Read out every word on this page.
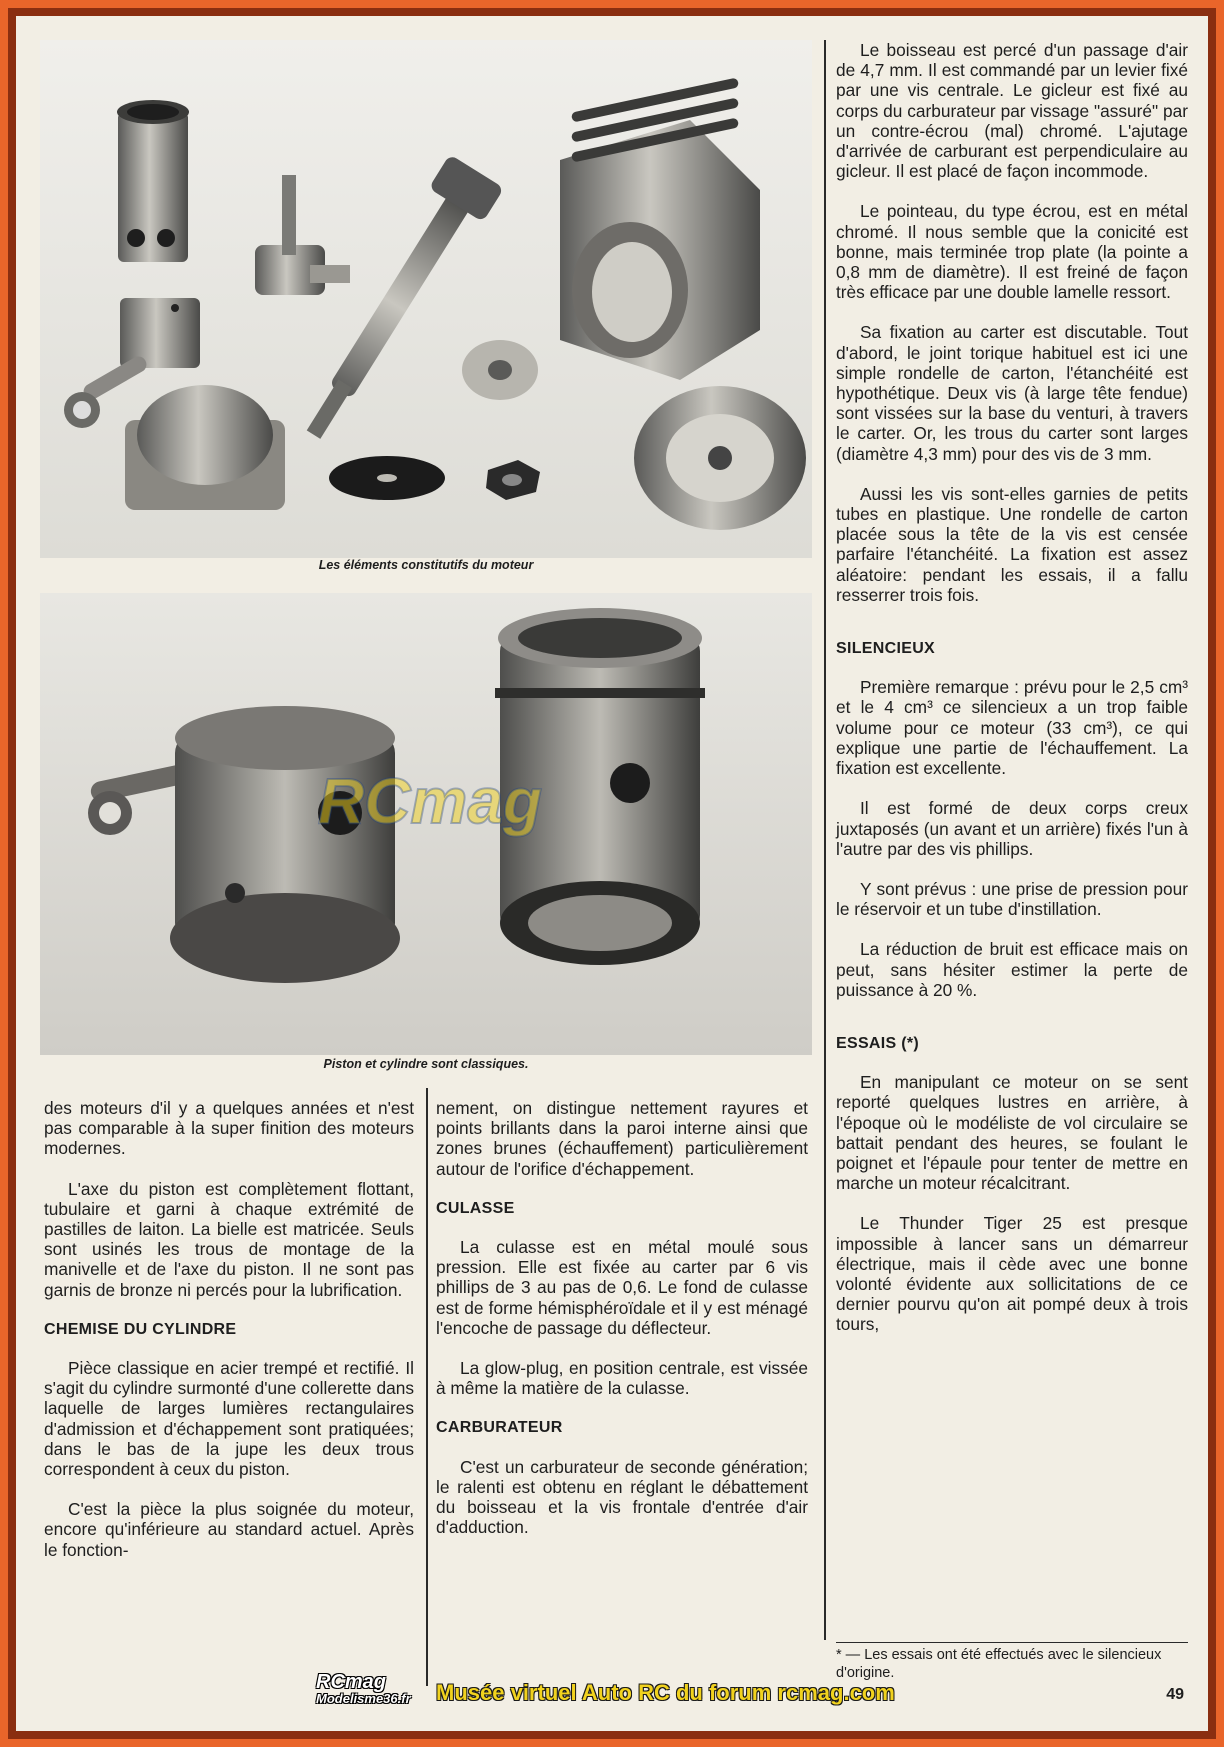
Les éléments constitutifs du moteur
RCmag
Piston et cylindre sont classiques.

des moteurs d'il y a quelques années et n'est pas comparable à la super finition des moteurs modernes.

L'axe du piston est complètement flottant, tubulaire et garni à chaque extrémité de pastilles de laiton. La bielle est matricée. Seuls sont usinés les trous de montage de la manivelle et de l'axe du piston. Il ne sont pas garnis de bronze ni percés pour la lubrification.

CHEMISE DU CYLINDRE

Pièce classique en acier trempé et rectifié. Il s'agit du cylindre surmonté d'une collerette dans laquelle de larges lumières rectangulaires d'admission et d'échappement sont pratiquées; dans le bas de la jupe les deux trous correspondent à ceux du piston.

C'est la pièce la plus soignée du moteur, encore qu'inférieure au standard actuel. Après le fonction-

nement, on distingue nettement rayures et points brillants dans la paroi interne ainsi que zones brunes (échauffement) particulièrement autour de l'orifice d'échappement.

CULASSE

La culasse est en métal moulé sous pression. Elle est fixée au carter par 6 vis phillips de 3 au pas de 0,6. Le fond de culasse est de forme hémisphéroïdale et il y est ménagé l'encoche de passage du déflecteur.

La glow-plug, en position centrale, est vissée à même la matière de la culasse.

CARBURATEUR

C'est un carburateur de seconde génération; le ralenti est obtenu en réglant le débattement du boisseau et la vis frontale d'entrée d'air d'adduction.

Le boisseau est percé d'un passage d'air de 4,7 mm. Il est commandé par un levier fixé par une vis centrale. Le gicleur est fixé au corps du carburateur par vissage "assuré" par un contre-écrou (mal) chromé. L'ajutage d'arrivée de carburant est perpendiculaire au gicleur. Il est placé de façon incommode.

Le pointeau, du type écrou, est en métal chromé. Il nous semble que la conicité est bonne, mais terminée trop plate (la pointe a 0,8 mm de diamètre). Il est freiné de façon très efficace par une double lamelle ressort.

Sa fixation au carter est discutable. Tout d'abord, le joint torique habituel est ici une simple rondelle de carton, l'étanchéité est hypothétique. Deux vis (à large tête fendue) sont vissées sur la base du venturi, à travers le carter. Or, les trous du carter sont larges (diamètre 4,3 mm) pour des vis de 3 mm.

Aussi les vis sont-elles garnies de petits tubes en plastique. Une rondelle de carton placée sous la tête de la vis est censée parfaire l'étanchéité. La fixation est assez aléatoire: pendant les essais, il a fallu resserrer trois fois.

SILENCIEUX

Première remarque : prévu pour le 2,5 cm³ et le 4 cm³ ce silencieux a un trop faible volume pour ce moteur (33 cm³), ce qui explique une partie de l'échauffement. La fixation est excellente.

Il est formé de deux corps creux juxtaposés (un avant et un arrière) fixés l'un à l'autre par des vis phillips.

Y sont prévus : une prise de pression pour le réservoir et un tube d'instillation.

La réduction de bruit est efficace mais on peut, sans hésiter estimer la perte de puissance à 20 %.

ESSAIS (*)

En manipulant ce moteur on se sent reporté quelques lustres en arrière, à l'époque où le modéliste de vol circulaire se battait pendant des heures, se foulant le poignet et l'épaule pour tenter de mettre en marche un moteur récalcitrant.

Le Thunder Tiger 25 est presque impossible à lancer sans un démarreur électrique, mais il cède avec une bonne volonté évidente aux sollicitations de ce dernier pourvu qu'on ait pompé deux à trois tours,

* — Les essais ont été effectués avec le silencieux d'origine.
RCmag
Modelisme36.fr	Musée virtuel Auto RC du forum rcmag.com	49
